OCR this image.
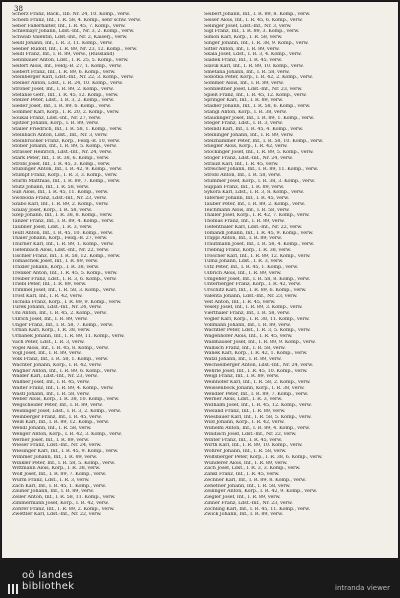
38
Scherz Franz, Bäck., IIb. Nr. 24, 10. Komp., verw.
Scheitl Franz, Inf., I. R. 58, 4. Komp., sehr schw. verw.
Seber Fallerhalter, Inf., I. R. 45, 7. Komp., verw.
Schlemayr Johann, Ldst.-Inf., Nr. 3, 2. Komp., verw.
Schwab Valentin, Ldst.-Inf., Nr. 2, Kaiserj., verw.
Seidl Johann, Inf., I. R. 3, 11. Komp., verw.
Seeber Rudolf, Inf., I. R. 89, Nr. 23, 12. Komp., verw.
Seidl Franz, Inf., I. R. 89, verw., (Russland)
Sennbauer Anton, Ldst., I. R. 25, 5. Komp., verw.
Seifert Alois, Inf., Feldj.-B. 27, 1. Komp., verw.
Siebert Franz, Inf., I. R. 89, 6. Komp., verw.
Steinberger Karl, Ldst.-Inf., Nr. 22, 3. Komp., verw.
Steiner Anton, Ldst., I. R. 24, 10. Komp., verw.
Stroner Josef, Inf., I. R. 89, 2. Komp., verw.
Stefanie Gefr., Inf., I. R. 45, 12. Komp., verw.
Stelzer Peter, Ldst., I. R. 3, 2. Komp., verw.
Sieder Josef, Inf., I. R. 89, 6. Komp., verw.
Sommer Karl, Korp., I. R. 20, 2. Komp., verw.
Soukal Franz, Ldst.-Inf., Nr. 27, verw.
Spitzer Johann, Korp., I. R. 89, verw.
Staller Friedrich, Inf., I. R. 58, 1. Komp., verw.
Steinbach Anton, Ldst., Inf., Nr. 3, verw.
Steinbrucker Franz, Korp., Feldj.-B. 10, verw.
Stöber Johann, Inf., I. R. 89, 5. Komp., verw.
Strasser Heinrich, Ldst.-Inf., Nr. 24, verw.
Stark Peter, Inf., I. R. 38, 6. Komp., verw.
Strobl Josef, Inf., I. R. 45, 3. Komp., verw.
Stübinger Anton, Inf., I. R. 42, 9. Komp., verw.
Stumpf Franz, Korp., I. R. 3, 3. Komp., verw.
Sturm Matthias, Inf., I. R. 89, 7. Komp., verw.
Stutz Johann, Inf., I. R. 58, verw.
Süß Alois, Inf., I. R. 45, 11. Komp., verw.
Swoboda Franz, Ldst.-Inf., Nr. 23, verw.
Szabo Karl, Inf., I. R. 89, 2. Komp., verw.
Szalay Josef, Korp., I. R. 58, verw.
Szép Johann, Inf., I. R. 38, 8. Komp., verw.
Tanzer Franz, Inf., I. R. 89, 4. Komp., verw.
Taubner Josef, Ldst., I. R. 3, verw.
Teufl Anton, Inf., I. R. 45, 10. Komp., verw.
Thaler Johann, Korp., Feldj.-B. 27, verw.
Thurner Karl, Inf., I. R. 89, 1. Komp., verw.
Tiefenbach Alois, Ldst.-Inf., Nr. 22, verw.
Tischler Franz, Inf., I. R. 58, 12. Komp., verw.
Tomaschek Josef, Inf., I. R. 89, verw.
Traxler Johann, Korp., I. R. 38, verw.
Trenker Anton, Inf., I. R. 45, 5. Komp., verw.
Treiber Franz, Ldst., I. R. 3, 6. Komp., verw.
Triebl Peter, Inf., I. R. 89, verw.
Trimmel Josef, Inf., I. R. 58, 3. Komp., verw.
Trost Karl, Inf., I. R. 42, verw.
Tschida Franz, Korp., I. R. 89, 9. Komp., verw.
Turek Johann, Ldst.-Inf., Nr. 24, verw.
Uhl Anton, Inf., I. R. 45, 2. Komp., verw.
Ullrich Josef, Inf., I. R. 89, verw.
Unger Franz, Inf., I. R. 58, 7. Komp., verw.
Urban Karl, Korp., I. R. 38, verw.
Urbanek Johann, Inf., I. R. 89, 11. Komp., verw.
Vach Peter, Ldst., I. R. 3, verw.
Vogel Alois, Inf., I. R. 45, 8. Komp., verw.
Vogl Josef, Inf., I. R. 89, verw.
Volk Franz, Inf., I. R. 58, 1. Komp., verw.
Wachter Johann, Korp., I. R. 42, verw.
Wagner Anton, Inf., I. R. 89, 6. Komp., verw.
Walder Karl, Ldst.-Inf., Nr. 23, verw.
Wallner Josef, Inf., I. R. 45, verw.
Walter Franz, Inf., I. R. 89, 4. Komp., verw.
Wastl Johann, Inf., I. R. 58, verw.
Weber Alois, Korp., I. R. 38, 10. Komp., verw.
Wegscheider Peter, Inf., I. R. 89, verw.
Weidinger Josef, Ldst., I. R. 3, 2. Komp., verw.
Weinberger Franz, Inf., I. R. 45, verw.
Weiß Karl, Inf., I. R. 89, 12. Komp., verw.
Wendl Johann, Inf., I. R. 58, verw.
Wenger Anton, Korp., I. R. 42, 3. Komp., verw.
Werner Josef, Inf., I. R. 89, verw.
Wieser Franz, Ldst.-Inf., Nr. 24, verw.
Wiesinger Karl, Inf., I. R. 45, 9. Komp., verw.
Wimmer Johann, Inf., I. R. 89, verw.
Winkler Peter, Inf., I. R. 58, 5. Komp., verw.
Wittmann Alois, Korp., I. R. 38, verw.
Wolf Josef, Inf., I. R. 89, 7. Komp., verw.
Wurm Franz, Ldst., I. R. 3, verw.
Zach Karl, Inf., I. R. 45, 1. Komp., verw.
Zauner Johann, Inf., I. R. 89, verw.
Zeller Anton, Inf., I. R. 58, 11. Komp., verw.
Zimmermann Josef, Korp., I. R. 42, verw.
Zöhrer Franz, Inf., I. R. 89, 2. Komp., verw.
Zwettler Karl, Ldst.-Inf., Nr. 22, verw.
Seibert Johann, Inf., I. R. 89, 8. Komp., verw.
Seiser Alois, Inf., I. R. 45, 6. Komp., verw.
Selinger Josef, Ldst.-Inf., Nr. 3, verw.
Sigl Franz, Inf., I. R. 89, 3. Komp., verw.
Simon Karl, Korp., I. R. 58, verw.
Singer Johann, Inf., I. R. 38, 9. Komp., verw.
Sitter Anton, Inf., I. R. 89, verw.
Skala Josef, Ldst., I. R. 3, 4. Komp., verw.
Sladek Franz, Inf., I. R. 45, verw.
Slavik Karl, Inf., I. R. 89, 10. Komp., verw.
Smetana Johann, Inf., I. R. 58, verw.
Sobotka Peter, Korp., I. R. 42, 2. Komp., verw.
Sommer Alois, Inf., I. R. 89, verw.
Sonnleitner Josef, Ldst.-Inf., Nr. 23, verw.
Spieß Franz, Inf., I. R. 45, 12. Komp., verw.
Springer Karl, Inf., I. R. 89, verw.
Stadler Johann, Inf., I. R. 58, 6. Komp., verw.
Stangl Anton, Korp., I. R. 38, verw.
Staudinger Josef, Inf., I. R. 89, 1. Komp., verw.
Steger Franz, Ldst., I. R. 3, verw.
Steindl Karl, Inf., I. R. 45, 4. Komp., verw.
Steininger Johann, Inf., I. R. 89, verw.
Stelzhammer Peter, Inf., I. R. 58, 10. Komp., verw.
Stiegler Alois, Korp., I. R. 42, verw.
Stockinger Josef, Inf., I. R. 89, 5. Komp., verw.
Stöger Franz, Ldst.-Inf., Nr. 24, verw.
Strauß Karl, Inf., I. R. 45, verw.
Streicher Johann, Inf., I. R. 89, 11. Komp., verw.
Strobl Anton, Inf., I. R. 58, verw.
Stummer Josef, Korp., I. R. 38, 3. Komp., verw.
Suppan Franz, Inf., I. R. 89, verw.
Sykora Karl, Ldst., I. R. 3, 8. Komp., verw.
Taferner Johann, Inf., I. R. 45, verw.
Tauber Peter, Inf., I. R. 89, 2. Komp., verw.
Teichmann Alois, Inf., I. R. 58, verw.
Thaller Josef, Korp., I. R. 42, 7. Komp., verw.
Thomas Franz, Inf., I. R. 89, verw.
Tiefenthaler Karl, Ldst.-Inf., Nr. 22, verw.
Tomandl Johann, Inf., I. R. 45, 9. Komp., verw.
Trappl Anton, Inf., I. R. 89, verw.
Trautmann Josef, Inf., I. R. 58, 4. Komp., verw.
Triebnig Franz, Korp., I. R. 38, verw.
Tröscher Karl, Inf., I. R. 89, 12. Komp., verw.
Tuma Johann, Ldst., I. R. 3, verw.
Uitz Peter, Inf., I. R. 45, 1. Komp., verw.
Ulbrich Alois, Inf., I. R. 89, verw.
Umgeher Josef, Inf., I. R. 58, 8. Komp., verw.
Unterberger Franz, Korp., I. R. 42, verw.
Urschitz Karl, Inf., I. R. 89, 6. Komp., verw.
Valenta Johann, Ldst.-Inf., Nr. 23, verw.
Veit Anton, Inf., I. R. 45, verw.
Vesely Josef, Inf., I. R. 89, 3. Komp., verw.
Vierthaler Franz, Inf., I. R. 58, verw.
Vogler Karl, Korp., I. R. 38, 11. Komp., verw.
Vollmann Johann, Inf., I. R. 89, verw.
Wachtler Peter, Ldst., I. R. 3, 5. Komp., verw.
Wagenhofer Alois, Inf., I. R. 45, verw.
Waldhauser Josef, Inf., I. R. 89, 9. Komp., verw.
Wallisch Franz, Inf., I. R. 58, verw.
Wanek Karl, Korp., I. R. 42, 1. Komp., verw.
Watzl Johann, Inf., I. R. 89, verw.
Wechselberger Anton, Ldst.-Inf., Nr. 24, verw.
Wehrle Josef, Inf., I. R. 45, 10. Komp., verw.
Weigl Franz, Inf., I. R. 89, verw.
Weinhofer Karl, Inf., I. R. 58, 2. Komp., verw.
Weissenböck Johann, Korp., I. R. 38, verw.
Wendler Peter, Inf., I. R. 89, 7. Komp., verw.
Werner Alois, Ldst., I. R. 3, verw.
Widhalm Josef, Inf., I. R. 45, 12. Komp., verw.
Wieland Franz, Inf., I. R. 89, verw.
Wiesbauer Karl, Inf., I. R. 58, 5. Komp., verw.
Wild Johann, Korp., I. R. 42, verw.
Wilhelm Anton, Inf., I. R. 89, 4. Komp., verw.
Windisch Josef, Ldst.-Inf., Nr. 22, verw.
Winter Franz, Inf., I. R. 45, verw.
Wirth Karl, Inf., I. R. 89, 10. Komp., verw.
Wöhrer Johann, Inf., I. R. 58, verw.
Wolfsberger Peter, Korp., I. R. 38, 6. Komp., verw.
Wunderer Alois, Inf., I. R. 89, verw.
Zach Josef, Ldst., I. R. 3, 3. Komp., verw.
Zankl Franz, Inf., I. R. 45, verw.
Zechner Karl, Inf., I. R. 89, 8. Komp., verw.
Zehetner Johann, Inf., I. R. 58, verw.
Zeilinger Anton, Korp., I. R. 42, 9. Komp., verw.
Ziegler Josef, Inf., I. R. 89, verw.
Zinner Franz, Ldst.-Inf., Nr. 23, verw.
Zöchling Karl, Inf., I. R. 45, 11. Komp., verw.
Zwick Johann, Inf., I. R. 89, verw.
oö landes
bibliothek	intranda viewer
